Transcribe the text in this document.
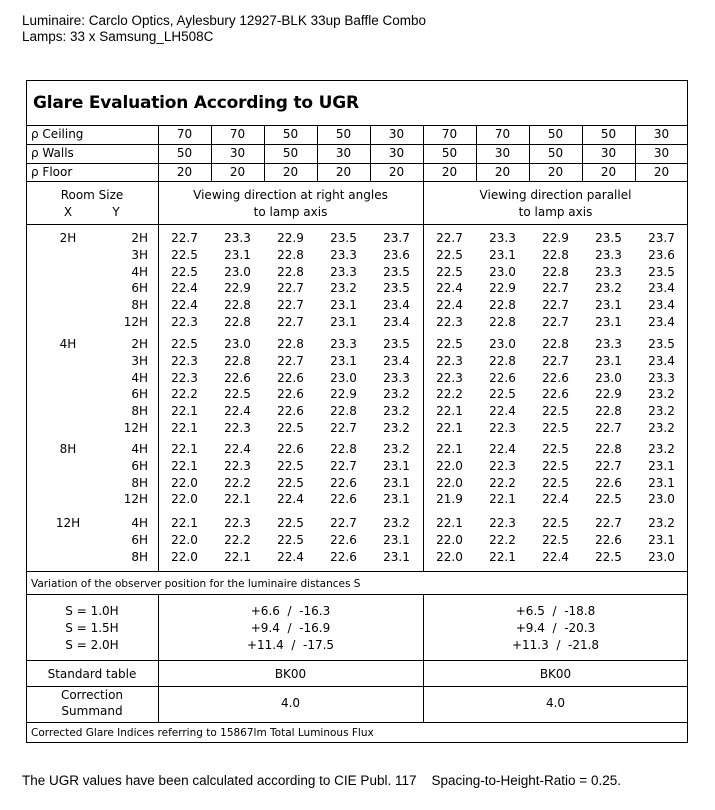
Luminaire: Carclo Optics, Aylesbury 12927-BLK 33up Baffle Combo
Lamps: 33 x Samsung_LH508C
Glare Evaluation According to UGR
ρ Ceiling	70	70	50	50	30	70	70	50	50	30
ρ Walls	50	30	50	30	30	50	30	50	30	30
ρ Floor	20	20	20	20	20	20	20	20	20	20
Room Size
X	Y
Viewing direction at right angles
to lamp axis
Viewing direction parallel
to lamp axis
2H	2H	22.7	23.3	22.9	23.5	23.7	22.7	23.3	22.9	23.5	23.7
3H	22.5	23.1	22.8	23.3	23.6	22.5	23.1	22.8	23.3	23.6
4H	22.5	23.0	22.8	23.3	23.5	22.5	23.0	22.8	23.3	23.5
6H	22.4	22.9	22.7	23.2	23.5	22.4	22.9	22.7	23.2	23.4
8H	22.4	22.8	22.7	23.1	23.4	22.4	22.8	22.7	23.1	23.4
12H	22.3	22.8	22.7	23.1	23.4	22.3	22.8	22.7	23.1	23.4
4H	2H	22.5	23.0	22.8	23.3	23.5	22.5	23.0	22.8	23.3	23.5
3H	22.3	22.8	22.7	23.1	23.4	22.3	22.8	22.7	23.1	23.4
4H	22.3	22.6	22.6	23.0	23.3	22.3	22.6	22.6	23.0	23.3
6H	22.2	22.5	22.6	22.9	23.2	22.2	22.5	22.6	22.9	23.2
8H	22.1	22.4	22.6	22.8	23.2	22.1	22.4	22.5	22.8	23.2
12H	22.1	22.3	22.5	22.7	23.2	22.1	22.3	22.5	22.7	23.2
8H	4H	22.1	22.4	22.6	22.8	23.2	22.1	22.4	22.5	22.8	23.2
6H	22.1	22.3	22.5	22.7	23.1	22.0	22.3	22.5	22.7	23.1
8H	22.0	22.2	22.5	22.6	23.1	22.0	22.2	22.5	22.6	23.1
12H	22.0	22.1	22.4	22.6	23.1	21.9	22.1	22.4	22.5	23.0
12H	4H	22.1	22.3	22.5	22.7	23.2	22.1	22.3	22.5	22.7	23.2
6H	22.0	22.2	22.5	22.6	23.1	22.0	22.2	22.5	22.6	23.1
8H	22.0	22.1	22.4	22.6	23.1	22.0	22.1	22.4	22.5	23.0
Variation of the observer position for the luminaire distances S
S = 1.0H	+6.6  /  -16.3	+6.5  /  -18.8
S = 1.5H	+9.4  /  -16.9	+9.4  /  -20.3
S = 2.0H	+11.4  /  -17.5	+11.3  /  -21.8
Standard table	BK00	BK00
Correction
Summand
4.0	4.0
Corrected Glare Indices referring to 15867lm Total Luminous Flux
The UGR values have been calculated according to CIE Publ. 117    Spacing-to-Height-Ratio = 0.25.
